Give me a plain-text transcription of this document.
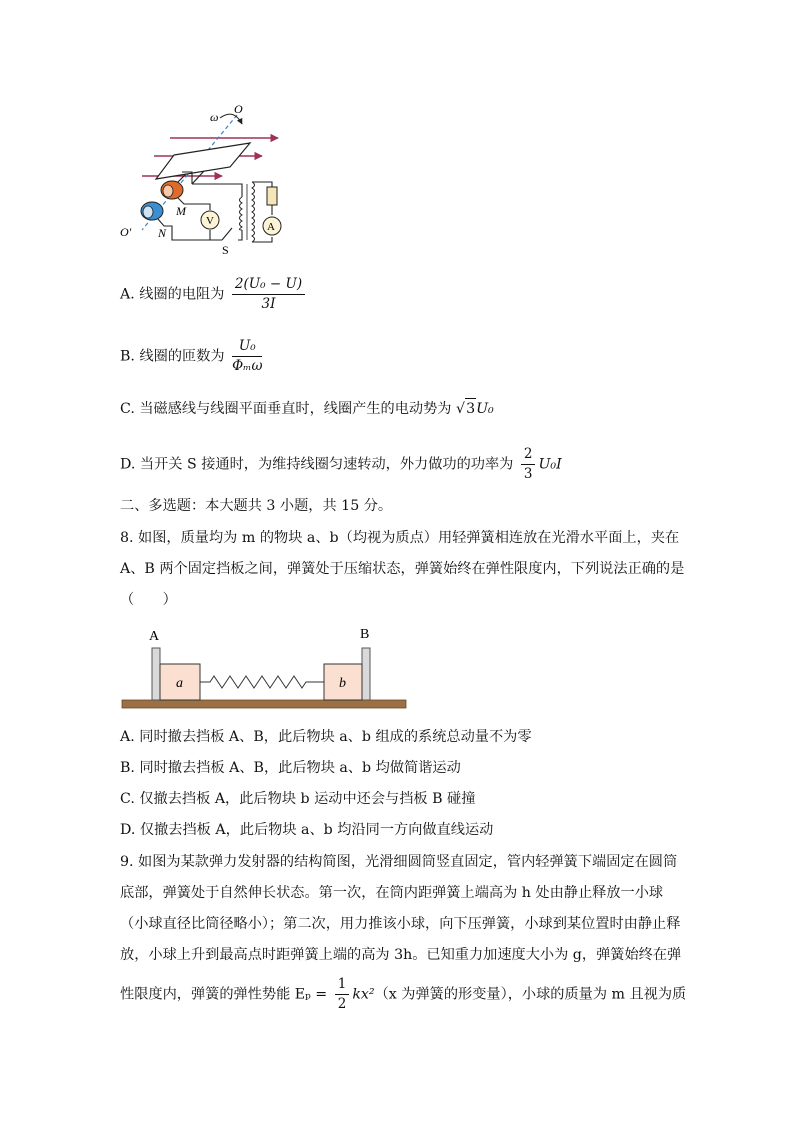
ω
O
O′
M
N
V	A
S
A. 线圈的电阻为 $\frac{\text{2(U₀ − U)}}{3I}$
B. 线圈的匝数为 $\frac{\text{U₀}}{\text{Φₘω}}$
C. 当磁感线与线圈平面垂直时，线圈产生的电动势为 √3U₀
D. 当开关 S 接通时，为维持线圈匀速转动，外力做功的功率为 $\frac{2}{3} U_0I$
二、多选题：本大题共 3 小题，共 15 分。
8. 如图，质量均为 m 的物块 a、b（均视为质点）用轻弹簧相连放在光滑水平面上，夹在
A、B 两个固定挡板之间，弹簧处于压缩状态，弹簧始终在弹性限度内，下列说法正确的是
（　　）
A	B
a	b
A. 同时撤去挡板 A、B，此后物块 a、b 组成的系统总动量不为零
B. 同时撤去挡板 A、B，此后物块 a、b 均做简谐运动
C. 仅撤去挡板 A，此后物块 b 运动中还会与挡板 B 碰撞
D. 仅撤去挡板 A，此后物块 a、b 均沿同一方向做直线运动
9. 如图为某款弹力发射器的结构简图，光滑细圆筒竖直固定，管内轻弹簧下端固定在圆筒
底部，弹簧处于自然伸长状态。第一次，在筒内距弹簧上端高为 h 处由静止释放一小球
（小球直径比筒径略小）；第二次，用力推该小球，向下压弹簧，小球到某位置时由静止释
放，小球上升到最高点时距弹簧上端的高为 3h。已知重力加速度大小为 g，弹簧始终在弹
性限度内，弹簧的弹性势能 $E_p = \frac{1}{2} kx^2(x$ 为弹簧的形变量），小球的质量为 m 且视为质
